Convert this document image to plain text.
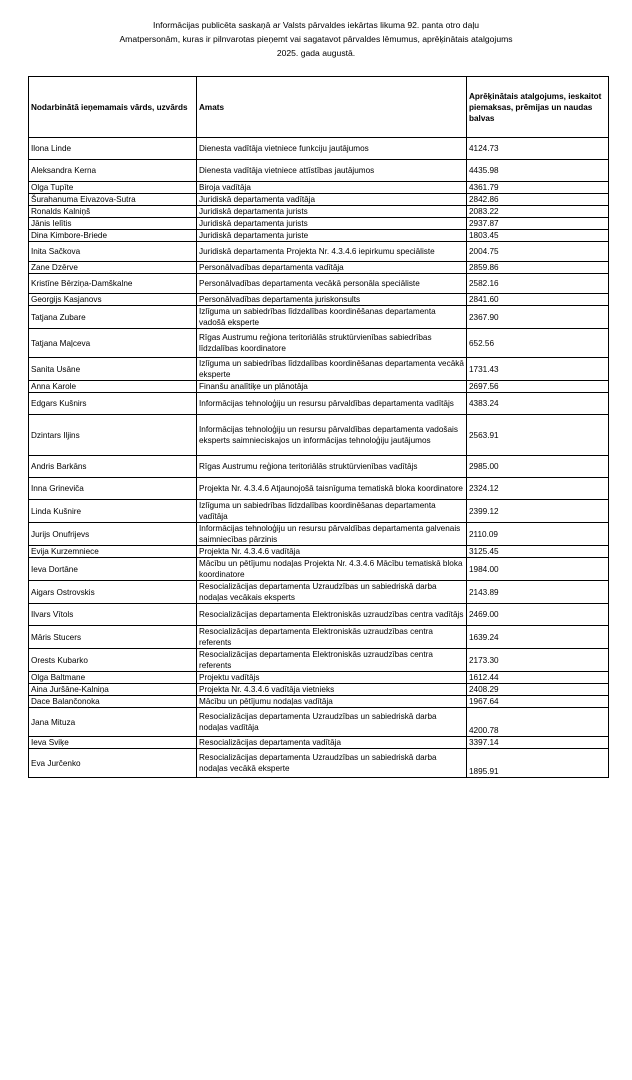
Informācijas publicēta saskaņā ar Valsts pārvaldes iekārtas likuma 92. panta otro daļu
Amatpersonām, kuras ir pilnvarotas pieņemt vai sagatavot pārvaldes lēmumus, aprēķinātais atalgojums
2025. gada augustā.
Nodarbinātā ieņemamais vārds, uzvārds	Amats	Aprēķinātais atalgojums, ieskaitot piemaksas, prēmijas un naudas balvas
Ilona Linde	Dienesta vadītāja vietniece funkciju jautājumos	4124.73
Aleksandra Kerna	Dienesta vadītāja vietniece attīstības jautājumos	4435.98
Olga Tupīte	Biroja vadītāja	4361.79
Šurahanuma Eivazova-Sutra	Juridiskā departamenta vadītāja	2842.86
Ronalds Kalniņš	Juridiskā departamenta jurists	2083.22
Jānis Ielītis	Juridiskā departamenta jurists	2937.87
Dina Kimbore-Briede	Juridiskā departamenta juriste	1803.45
Inita Sačkova	Juridiskā departamenta Projekta Nr. 4.3.4.6 iepirkumu speciāliste	2004.75
Zane Dzērve	Personālvadības departamenta vadītāja	2859.86
Kristīne Bērziņa-Damškalne	Personālvadības departamenta vecākā personāla speciāliste	2582.16
Georgijs Kasjanovs	Personālvadības departamenta juriskonsults	2841.60
Tatjana Zubare	Izlīguma un sabiedrības līdzdalības koordinēšanas departamenta vadošā eksperte	2367.90
Tatjana Maļceva	Rīgas Austrumu reģiona teritoriālās struktūrvienības sabiedrības līdzdalības koordinatore	652.56
Sanita Usāne	Izlīguma un sabiedrības līdzdalības koordinēšanas departamenta vecākā eksperte	1731.43
Anna Karole	Finanšu analītiķe un plānotāja	2697.56
Edgars Kušnirs	Informācijas tehnoloģiju un resursu pārvaldības departamenta vadītājs	4383.24
Dzintars Iljins	Informācijas tehnoloģiju un resursu pārvaldības departamenta vadošais eksperts saimnieciskajos un informācijas tehnoloģiju jautājumos	2563.91
Andris Barkāns	Rīgas Austrumu reģiona teritoriālās struktūrvienības vadītājs	2985.00
Inna Grineviča	Projekta Nr. 4.3.4.6 Atjaunojošā taisnīguma tematiskā bloka koordinatore	2324.12
Linda Kušnire	Izlīguma un sabiedrības līdzdalības koordinēšanas departamenta vadītāja	2399.12
Jurijs Onufrijevs	Informācijas tehnoloģiju un resursu pārvaldības departamenta galvenais saimniecības pārzinis	2110.09
Evija Kurzemniece	Projekta Nr. 4.3.4.6 vadītāja	3125.45
Ieva Dortāne	Mācību un pētījumu nodaļas Projekta Nr. 4.3.4.6 Mācību tematiskā bloka koordinatore	1984.00
Aigars Ostrovskis	Resocializācijas departamenta Uzraudzības un sabiedriskā darba nodaļas vecākais eksperts	2143.89
Ilvars Vītols	Resocializācijas departamenta Elektroniskās uzraudzības centra vadītājs	2469.00
Māris Stucers	Resocializācijas departamenta Elektroniskās uzraudzības centra referents	1639.24
Orests Kubarko	Resocializācijas departamenta Elektroniskās uzraudzības centra referents	2173.30
Olga Baltmane	Projektu vadītājs	1612.44
Aina Juršāne-Kalniņa	Projekta Nr. 4.3.4.6 vadītāja vietnieks	2408.29
Dace Balančonoka	Mācību un pētījumu nodaļas vadītāja	1967.64
Jana Mituza	Resocializācijas departamenta Uzraudzības un sabiedriskā darba nodaļas vadītāja	4200.78
Ieva Sviķe	Resocializācijas departamenta vadītāja	3397.14
Eva Jurčenko	Resocializācijas departamenta Uzraudzības un sabiedriskā darba nodaļas vecākā eksperte	1895.91
